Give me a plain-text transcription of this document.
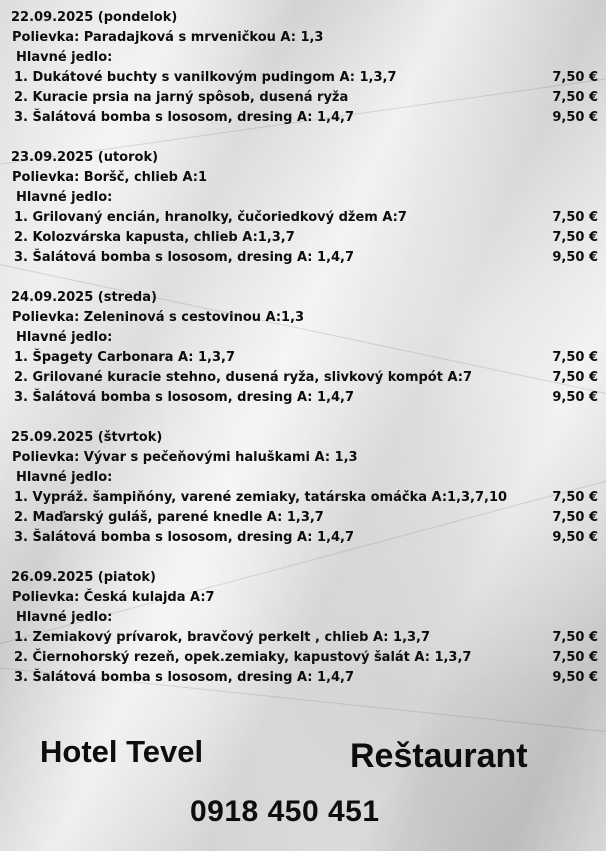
22.09.2025 (pondelok)
Polievka: Paradajková s mrveničkou A: 1,3
Hlavné jedlo:
1. Dukátové buchty s vanilkovým pudingom A: 1,3,7	7,50 €
2. Kuracie prsia na jarný spôsob, dusená ryža	7,50 €
3. Šalátová bomba s lososom, dresing A: 1,4,7	9,50 €
23.09.2025 (utorok)
Polievka: Boršč, chlieb A:1
Hlavné jedlo:
1. Grilovaný encián, hranolky, čučoriedkový džem A:7	7,50 €
2. Kolozvárska kapusta, chlieb A:1,3,7	7,50 €
3. Šalátová bomba s lososom, dresing A: 1,4,7	9,50 €
24.09.2025 (streda)
Polievka: Zeleninová s cestovinou A:1,3
Hlavné jedlo:
1. Špagety Carbonara A: 1,3,7	7,50 €
2. Grilované kuracie stehno, dusená ryža, slivkový kompót A:7	7,50 €
3. Šalátová bomba s lososom, dresing A: 1,4,7	9,50 €
25.09.2025 (štvrtok)
Polievka: Vývar s pečeňovými haluškami A: 1,3
Hlavné jedlo:
1. Vypráž. šampiňóny, varené zemiaky, tatárska omáčka A:1,3,7,10	7,50 €
2. Maďarský guláš, parené knedle A: 1,3,7	7,50 €
3. Šalátová bomba s lososom, dresing A: 1,4,7	9,50 €
26.09.2025 (piatok)
Polievka: Česká kulajda A:7
Hlavné jedlo:
1. Zemiakový prívarok, bravčový perkelt , chlieb A: 1,3,7	7,50 €
2. Čiernohorský rezeň, opek.zemiaky, kapustový šalát A: 1,3,7	7,50 €
3. Šalátová bomba s lososom, dresing A: 1,4,7	9,50 €
Hotel Tevel	Reštaurant
0918 450 451
